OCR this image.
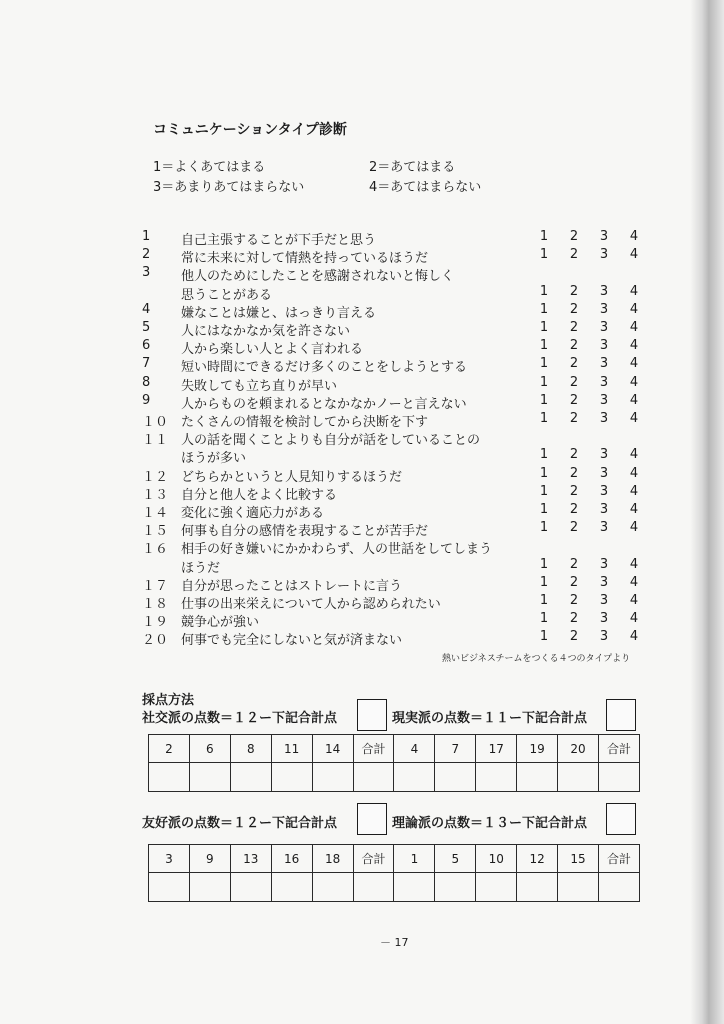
コミュニケーションタイプ診断
1＝よくあてはまる	2＝あてはまる
3＝あまりあてはまらない	4＝あてはまらない
1 自己主張することが下手だと思う	1	2	3	4
2 常に未来に対して情熱を持っているほうだ	1	2	3	4
3 他人のためにしたことを感謝されないと悔しく
思うことがある	1	2	3	4
4 嫌なことは嫌と、はっきり言える	1	2	3	4
5 人にはなかなか気を許さない	1	2	3	4
6 人から楽しい人とよく言われる	1	2	3	4
7 短い時間にできるだけ多くのことをしようとする	1	2	3	4
8 失敗しても立ち直りが早い	1	2	3	4
9 人からものを頼まれるとなかなかノーと言えない	1	2	3	4
１０ たくさんの情報を検討してから決断を下す	1	2	3	4
１１ 人の話を聞くことよりも自分が話をしていることの
ほうが多い	1	2	3	4
１２ どちらかというと人見知りするほうだ	1	2	3	4
１３ 自分と他人をよく比較する	1	2	3	4
１４ 変化に強く適応力がある	1	2	3	4
１５ 何事も自分の感情を表現することが苦手だ	1	2	3	4
１６ 相手の好き嫌いにかかわらず、人の世話をしてしまう
ほうだ	1	2	3	4
１７ 自分が思ったことはストレートに言う	1	2	3	4
１８ 仕事の出来栄えについて人から認められたい	1	2	3	4
１９ 競争心が強い	1	2	3	4
２０ 何事でも完全にしないと気が済まない	1	2	3	4
熱いビジネスチームをつくる４つのタイプより
採点方法
社交派の点数＝１２ー下記合計点	現実派の点数＝１１ー下記合計点
2	6	8	11	14	合計	4	7	17	19	20	合計

友好派の点数＝１２ー下記合計点	理論派の点数＝１３ー下記合計点
3	9	13	16	18	合計	1	5	10	12	15	合計

－ 17
